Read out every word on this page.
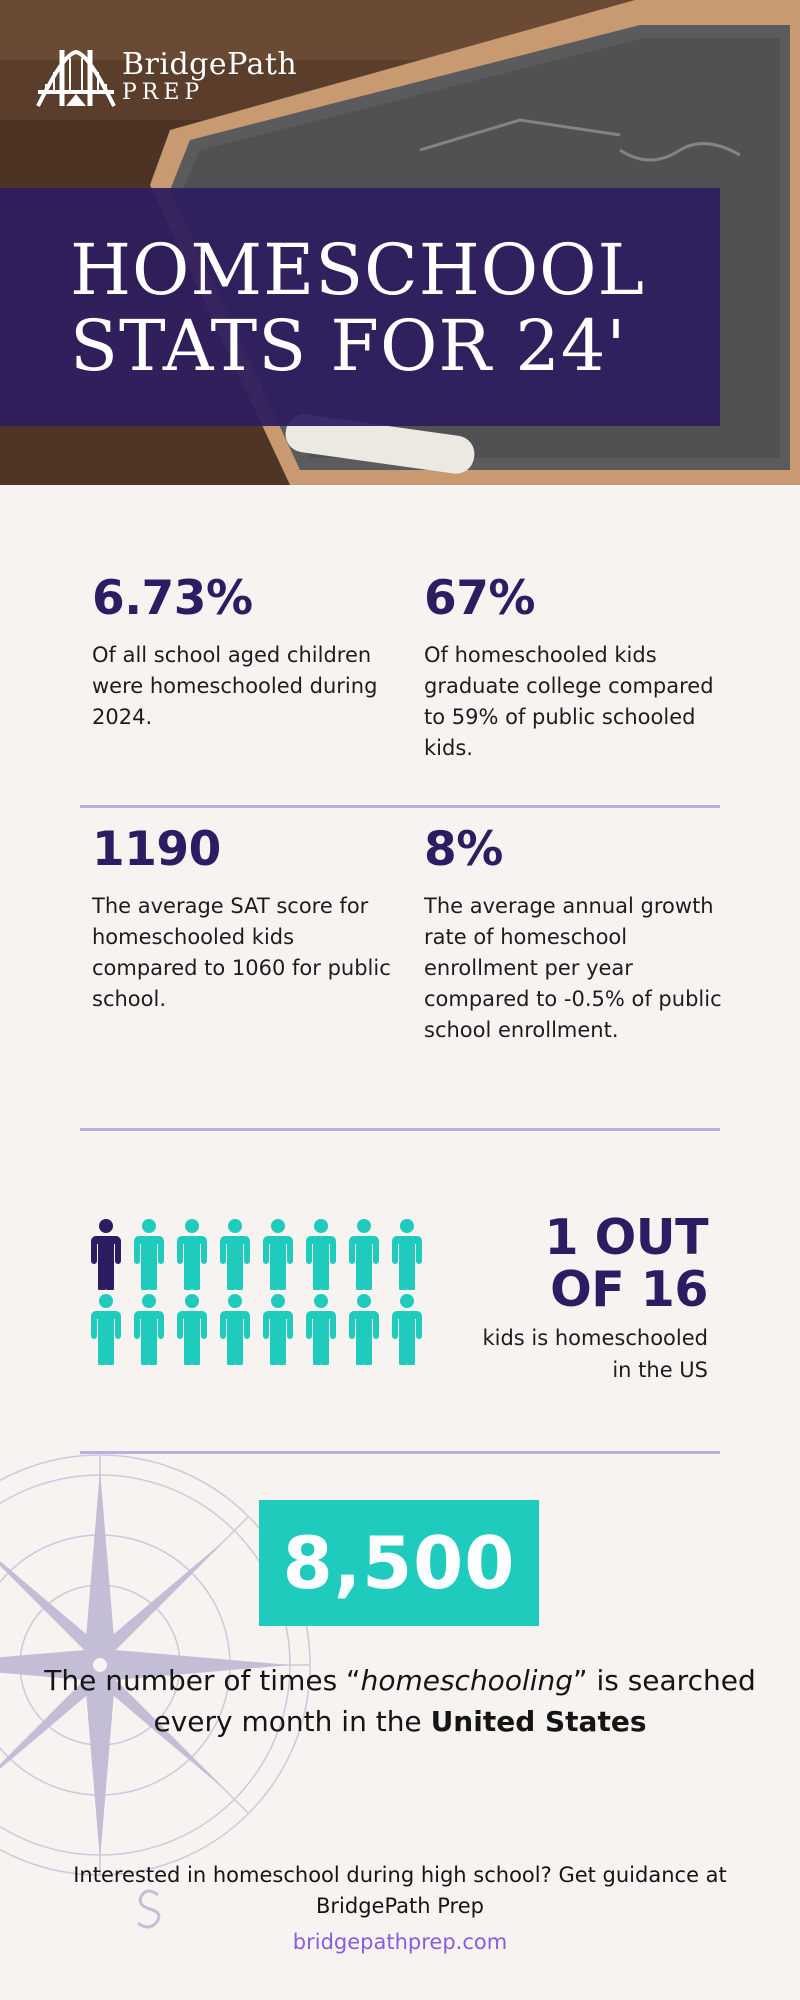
BridgePath
PREP
HOMESCHOOL
STATS FOR 24'
6.73%
Of all school aged children were homeschooled during 2024.
67%
Of homeschooled kids graduate college compared to 59% of public schooled kids.
1190
The average SAT score for homeschooled kids compared to 1060 for public school.
8%
The average annual growth rate of homeschool enrollment per year compared to -0.5% of public school enrollment.
1 OUT
OF 16
kids is homeschooled
in the US
8,500
The number of times “homeschooling” is searched every month in the United States
Interested in homeschool during high school? Get guidance at BridgePath Prep
bridgepathprep.com
